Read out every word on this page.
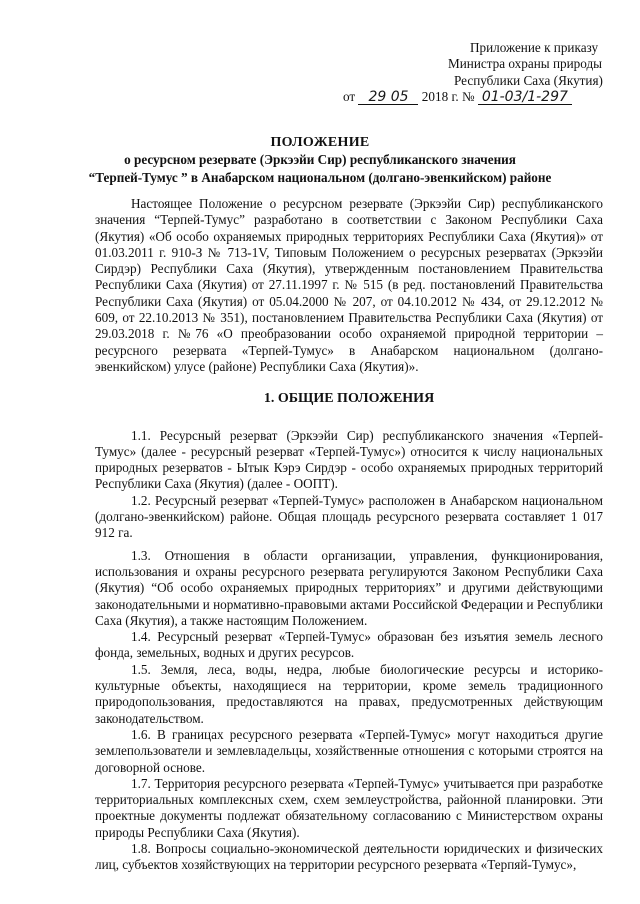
Приложение к приказу
Министра охраны природы
Республики Саха (Якутия)
от 29 05 2018 г. № 01-03/1-297
ПОЛОЖЕНИЕ
о ресурсном резервате (Эркээйи Сир) республиканского значения
“Терпей-Тумус ” в Анабарском национальном (долгано-эвенкийском) районе

Настоящее Положение о ресурсном резервате (Эркээйи Сир) республиканского значения “Терпей-Тумус” разработано в соответствии с Законом Республики Саха (Якутия) «Об особо охраняемых природных территориях Республики Саха (Якутия)» от 01.03.2011 г. 910-З № 713-1V, Типовым Положением о ресурсных резерватах (Эркээйи Сирдэр) Республики Саха (Якутия), утвержденным постановлением Правительства Республики Саха (Якутия) от 27.11.1997 г. № 515 (в ред. постановлений Правительства Республики Саха (Якутия) от 05.04.2000 № 207, от 04.10.2012 № 434, от 29.12.2012 № 609, от 22.10.2013 № 351), постановлением Правительства Республики Саха (Якутия) от 29.03.2018 г. №76 «О преобразовании особо охраняемой природной территории – ресурсного резервата «Терпей-Тумус» в Анабарском национальном (долгано-эвенкийском) улусе (районе) Республики Саха (Якутия)».

1. ОБЩИЕ ПОЛОЖЕНИЯ

1.1. Ресурсный резерват (Эркээйи Сир) республиканского значения «Терпей-Тумус» (далее - ресурсный резерват «Терпей-Тумус») относится к числу национальных природных резерватов - Ытык Кэрэ Сирдэр - особо охраняемых природных территорий Республики Саха (Якутия) (далее - ООПТ).

1.2. Ресурсный резерват «Терпей-Тумус» расположен в Анабарском национальном (долгано-эвенкийском) районе. Общая площадь ресурсного резервата составляет 1 017 912 га.

1.3. Отношения в области организации, управления, функционирования, использования и охраны ресурсного резервата регулируются Законом Республики Саха (Якутия) “Об особо охраняемых природных территориях” и другими действующими законодательными и нормативно-правовыми актами Российской Федерации и Республики Саха (Якутия), а также настоящим Положением.

1.4. Ресурсный резерват «Терпей-Тумус» образован без изъятия земель лесного фонда, земельных, водных и других ресурсов.

1.5. Земля, леса, воды, недра, любые биологические ресурсы и историко-культурные объекты, находящиеся на территории, кроме земель традиционного природопользования, предоставляются на правах, предусмотренных действующим законодательством.

1.6. В границах ресурсного резервата «Терпей-Тумус» могут находиться другие землепользователи и землевладельцы, хозяйственные отношения с которыми строятся на договорной основе.

1.7. Территория ресурсного резервата «Терпей-Тумус» учитывается при разработке территориальных комплексных схем, схем землеустройства, районной планировки. Эти проектные документы подлежат обязательному согласованию с Министерством охраны природы Республики Саха (Якутия).

1.8. Вопросы социально-экономической деятельности юридических и физических лиц, субъектов хозяйствующих на территории ресурсного резервата «Терпяй-Тумус»,
